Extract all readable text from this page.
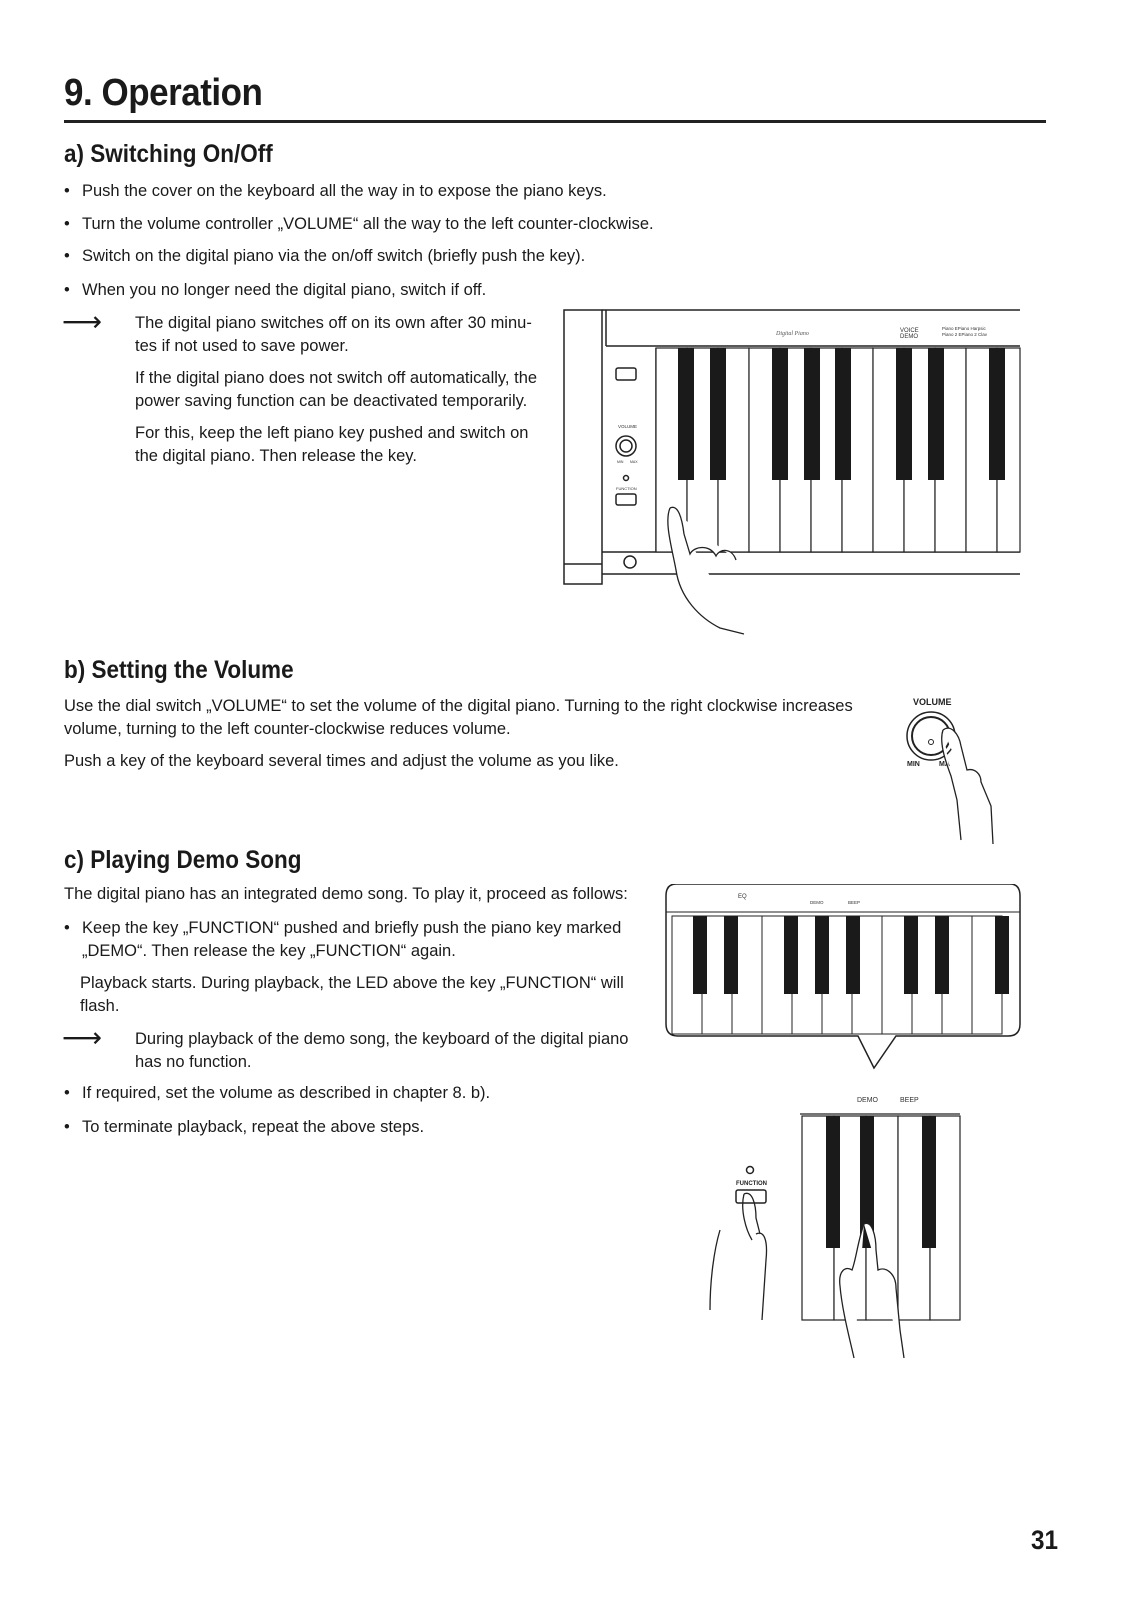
9. Operation
a) Switching On/Off
• Push the cover on the keyboard all the way in to expose the piano keys.
• Turn the volume controller „VOLUME“ all the way to the left counter-clockwise.
• Switch on the digital piano via the on/off switch (briefly push the key).
• When you no longer need the digital piano, switch if off.
⟶ The digital piano switches off on its own after 30 minu-
tes if not used to save power.
If the digital piano does not switch off automatically, the
power saving function can be deactivated temporarily.
For this, keep the left piano key pushed and switch on
the digital piano. Then release the key.
Digital Piano	VOICE
DEMO
Piano EPiano Harpsic
Piano 2 EPiano 2 Clav
VOLUME
MIN MAX
FUNCTION
b) Setting the Volume
Use the dial switch „VOLUME“ to set the volume of the digital piano. Turning to the right clockwise increases
volume, turning to the left counter-clockwise reduces volume.
Push a key of the keyboard several times and adjust the volume as you like.
VOLUME
MIN	MA
c) Playing Demo Song
The digital piano has an integrated demo song. To play it, proceed as follows:
• Keep the key „FUNCTION“ pushed and briefly push the piano key marked
„DEMO“. Then release the key „FUNCTION“ again.
Playback starts. During playback, the LED above the key „FUNCTION“ will
flash.
⟶ During playback of the demo song, the keyboard of the digital piano
has no function.
• If required, set the volume as described in chapter 8. b).
• To terminate playback, repeat the above steps.
EQ
DEMO	BEEP
DEMO	BEEP
FUNCTION
31
